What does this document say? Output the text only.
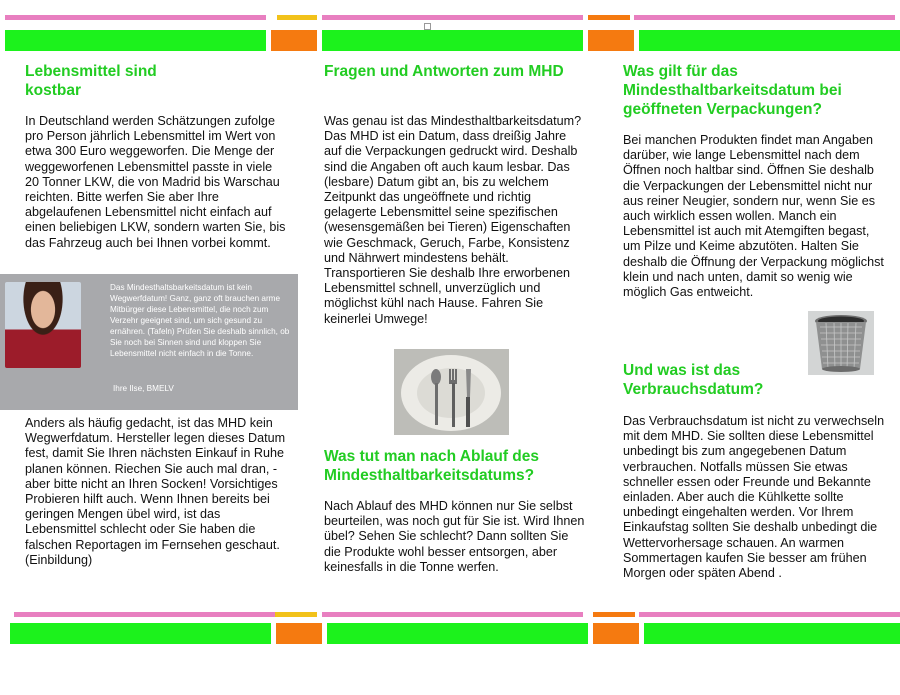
Lebensmittel sind kostbar

In Deutschland werden Schätzungen zufolge pro Person jährlich Lebensmittel im Wert von etwa 300 Euro weggeworfen. Die Menge der weggeworfenen Lebensmittel passte in viele 20 Tonner LKW, die von Madrid bis Warschau reichten. Bitte werfen Sie aber Ihre abgelaufenen Lebensmittel nicht einfach auf einen beliebigen LKW, sondern warten Sie, bis das Fahrzeug auch bei Ihnen vorbei kommt.

Das Mindesthaltsbarkeitsdatum ist kein Wegwerfdatum! Ganz, ganz oft brauchen arme Mitbürger diese Lebensmittel, die noch zum Verzehr geeignet sind, um sich gesund zu ernähren. (Tafeln) Prüfen Sie deshalb sinnlich, ob Sie noch bei Sinnen sind und kloppen Sie Lebensmittel nicht einfach in die Tonne.

Ihre Ilse, BMELV

Anders als häufig gedacht, ist das MHD kein Wegwerfdatum. Hersteller legen dieses Datum fest, damit Sie Ihren nächsten Einkauf in Ruhe planen können. Riechen Sie auch mal dran, - aber bitte nicht an Ihren Socken! Vorsichtiges Probieren hilft auch. Wenn Ihnen bereits bei geringen Mengen übel wird, ist das Lebensmittel schlecht oder Sie haben die falschen Reportagen im Fernsehen geschaut. (Einbildung)

Fragen und Antworten zum MHD

Was genau ist das Mindesthaltbarkeitsdatum? Das MHD ist ein Datum, dass dreißig Jahre auf die Verpackungen gedruckt wird. Deshalb sind die Angaben oft auch kaum lesbar. Das (lesbare) Datum gibt an, bis zu welchem Zeitpunkt das ungeöffnete und richtig gelagerte Lebensmittel seine spezifischen (wesensgemäßen bei Tieren) Eigenschaften wie Geschmack, Geruch, Farbe, Konsistenz und Nährwert mindestens behält. Transportieren Sie deshalb Ihre erworbenen Lebensmittel schnell, unverzüglich und möglichst kühl nach Hause. Fahren Sie keinerlei Umwege!

Was tut man nach Ablauf des Mindesthaltbarkeitsdatums?

Nach Ablauf des MHD können nur Sie selbst beurteilen, was noch gut für Sie ist. Wird Ihnen übel? Sehen Sie schlecht? Dann sollten Sie die Produkte wohl besser entsorgen, aber keinesfalls in die Tonne werfen.

Was gilt für das Mindesthaltbarkeitsdatum bei geöffneten Verpackungen?

Bei manchen Produkten findet man Angaben darüber, wie lange Lebensmittel nach dem Öffnen noch haltbar sind. Öffnen Sie deshalb die Verpackungen der Lebensmittel nicht nur aus reiner Neugier, sondern nur, wenn Sie es auch wirklich essen wollen. Manch ein Lebensmittel ist auch mit Atemgiften begast, um Pilze und Keime abzutöten. Halten Sie deshalb die Öffnung der Verpackung möglichst klein und nach unten, damit so wenig wie möglich Gas entweicht.

Und was ist das Verbrauchsdatum?

Das Verbrauchsdatum ist nicht zu verwechseln mit dem MHD. Sie sollten diese Lebensmittel unbedingt bis zum angegebenen Datum verbrauchen. Notfalls müssen Sie etwas schneller essen oder Freunde und Bekannte einladen. Aber auch die Kühlkette sollte unbedingt eingehalten werden. Vor Ihrem Einkaufstag sollten Sie deshalb unbedingt die Wettervorhersage schauen. An warmen Sommertagen kaufen Sie besser am frühen Morgen oder späten Abend .
